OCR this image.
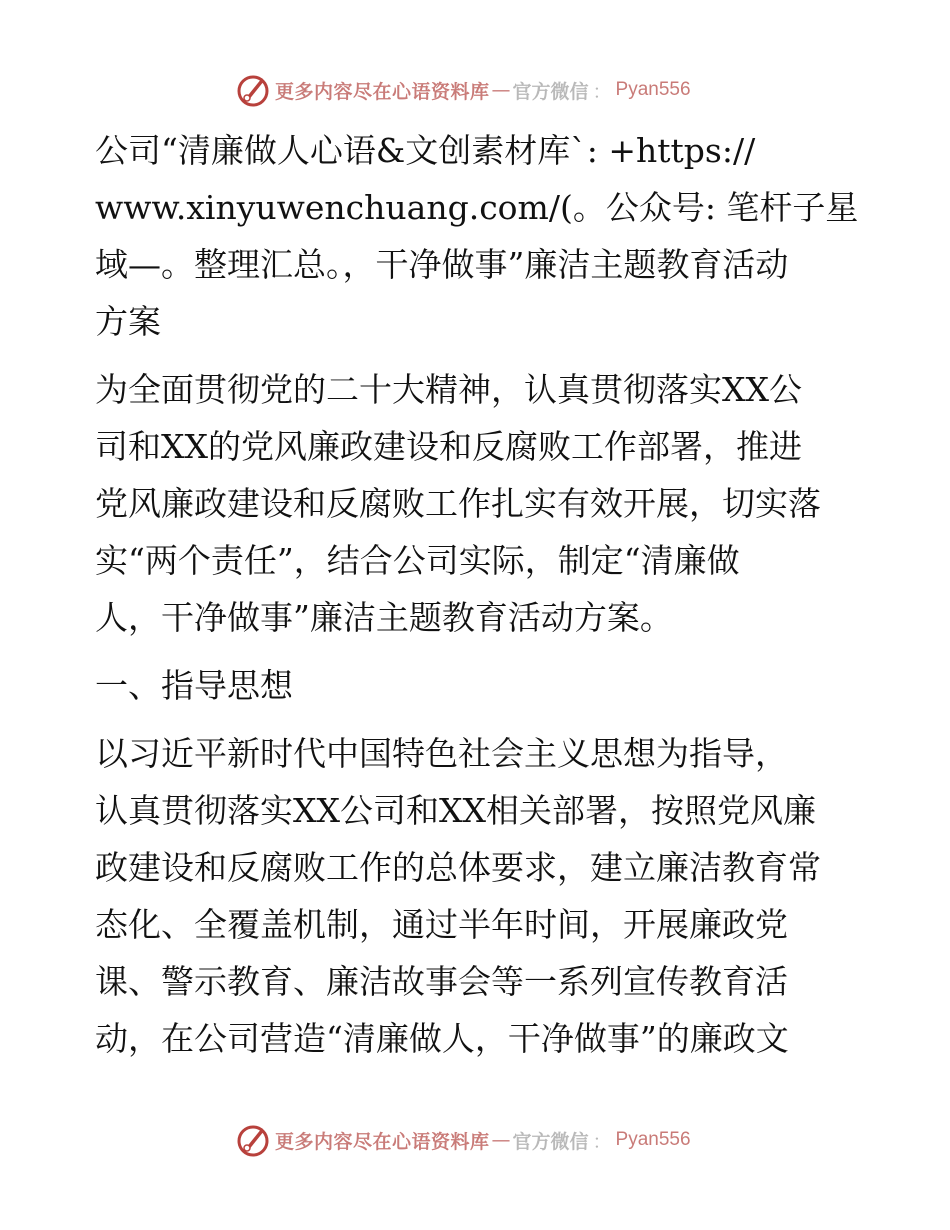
更多内容尽在心语资料库 — 官方微信 ： Pyan556
公司“清廉做人心语&文创素材库`: +https://
www.xinyuwenchuang.com/(。公众号: 笔杆子星
域—。整理汇总。，干净做事”廉洁主题教育活动
方案
为全面贯彻党的二十大精神，认真贯彻落实XX公
司和XX的党风廉政建设和反腐败工作部署，推进
党风廉政建设和反腐败工作扎实有效开展，切实落
实“两个责任”，结合公司实际，制定“清廉做
人，干净做事”廉洁主题教育活动方案。
一、指导思想
以习近平新时代中国特色社会主义思想为指导，
认真贯彻落实XX公司和XX相关部署，按照党风廉
政建设和反腐败工作的总体要求，建立廉洁教育常
态化、全覆盖机制，通过半年时间，开展廉政党
课、警示教育、廉洁故事会等一系列宣传教育活
动，在公司营造“清廉做人，干净做事”的廉政文
更多内容尽在心语资料库 — 官方微信 ： Pyan556
